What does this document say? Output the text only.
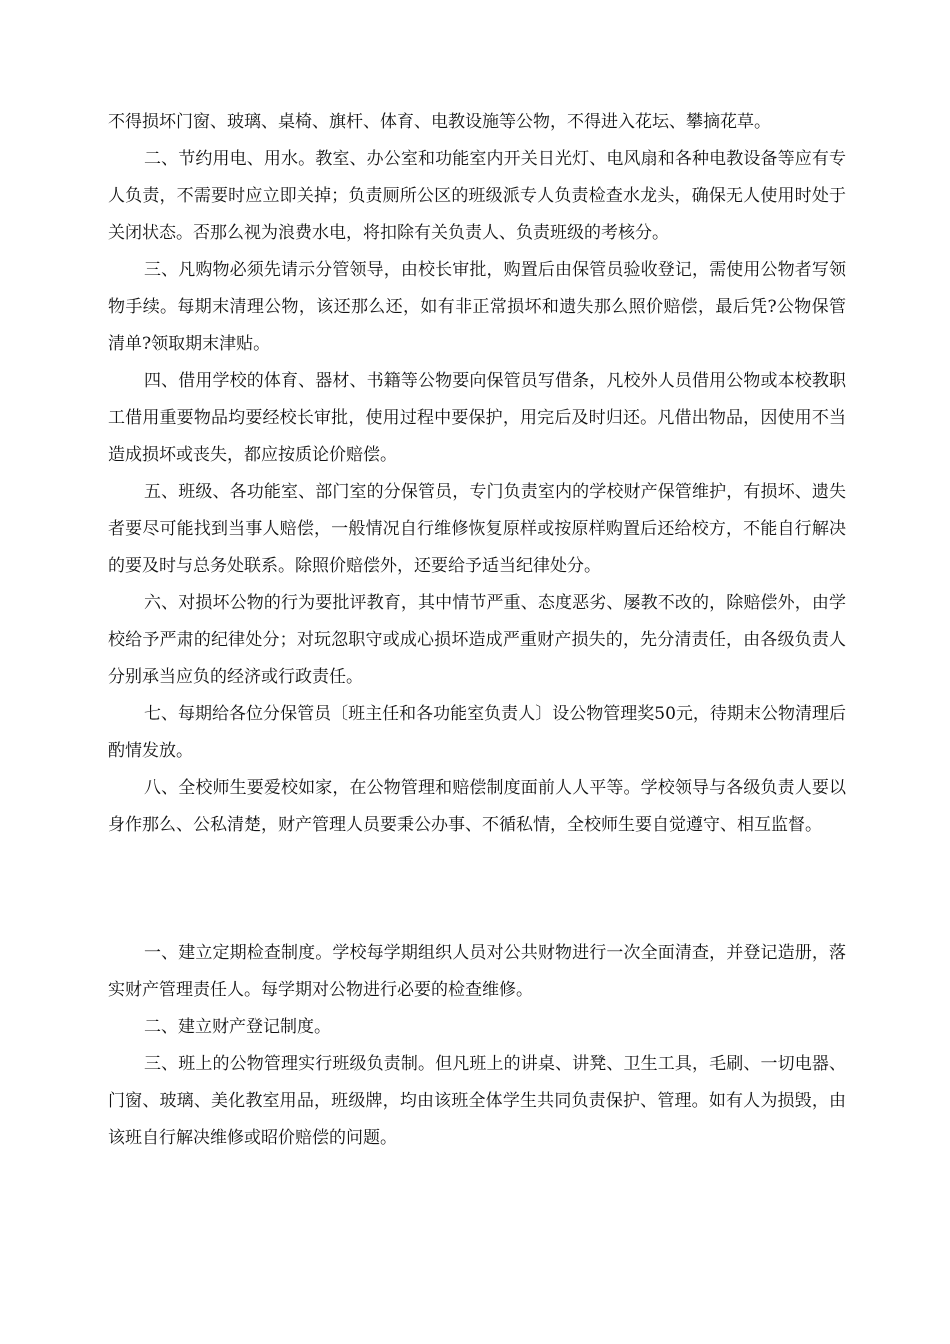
不得损坏门窗、玻璃、桌椅、旗杆、体育、电教设施等公物，不得进入花坛、攀摘花草。

二、节约用电、用水。教室、办公室和功能室内开关日光灯、电风扇和各种电教设备等应有专人负责，不需要时应立即关掉；负责厕所公区的班级派专人负责检查水龙头，确保无人使用时处于关闭状态。否那么视为浪费水电，将扣除有关负责人、负责班级的考核分。

三、凡购物必须先请示分管领导，由校长审批，购置后由保管员验收登记，需使用公物者写领物手续。每期末清理公物，该还那么还，如有非正常损坏和遗失那么照价赔偿，最后凭?公物保管清单?领取期末津贴。

四、借用学校的体育、器材、书籍等公物要向保管员写借条，凡校外人员借用公物或本校教职工借用重要物品均要经校长审批，使用过程中要保护，用完后及时归还。凡借出物品，因使用不当造成损坏或丧失，都应按质论价赔偿。

五、班级、各功能室、部门室的分保管员，专门负责室内的学校财产保管维护，有损坏、遗失者要尽可能找到当事人赔偿，一般情况自行维修恢复原样或按原样购置后还给校方，不能自行解决的要及时与总务处联系。除照价赔偿外，还要给予适当纪律处分。

六、对损坏公物的行为要批评教育，其中情节严重、态度恶劣、屡教不改的，除赔偿外，由学校给予严肃的纪律处分；对玩忽职守或成心损坏造成严重财产损失的，先分清责任，由各级负责人分别承当应负的经济或行政责任。

七、每期给各位分保管员〔班主任和各功能室负责人〕设公物管理奖50元，待期末公物清理后酌情发放。

八、全校师生要爱校如家，在公物管理和赔偿制度面前人人平等。学校领导与各级负责人要以身作那么、公私清楚，财产管理人员要秉公办事、不循私情，全校师生要自觉遵守、相互监督。

一、建立定期检查制度。学校每学期组织人员对公共财物进行一次全面清查，并登记造册，落实财产管理责任人。每学期对公物进行必要的检查维修。

二、建立财产登记制度。

三、班上的公物管理实行班级负责制。但凡班上的讲桌、讲凳、卫生工具，毛刷、一切电器、门窗、玻璃、美化教室用品，班级牌，均由该班全体学生共同负责保护、管理。如有人为损毁，由该班自行解决维修或昭价赔偿的问题。
